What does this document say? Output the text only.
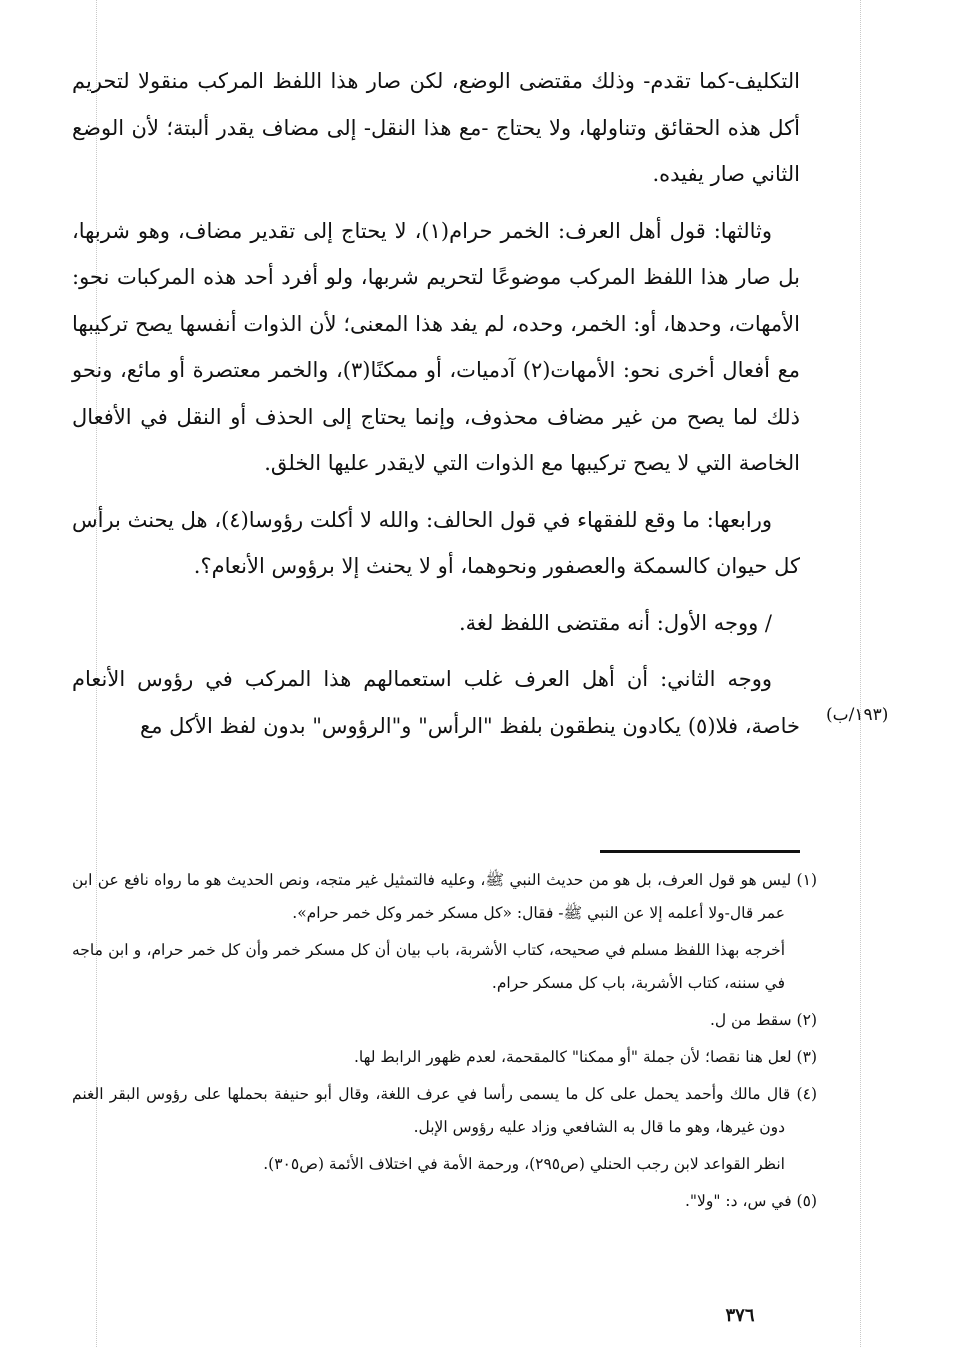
التكليف-كما تقدم- وذلك مقتضى الوضع، لكن صار هذا اللفظ المركب منقولا لتحريم أكل هذه الحقائق وتناولها، ولا يحتاج -مع هذا النقل- إلى مضاف يقدر ألبتة؛ لأن الوضع الثاني صار يفيده.

وثالثها: قول أهل العرف: الخمر حرام(١)، لا يحتاج إلى تقدير مضاف، وهو شربها، بل صار هذا اللفظ المركب موضوعًا لتحريم شربها، ولو أفرد أحد هذه المركبات نحو: الأمهات، وحدها، أو: الخمر، وحده، لم يفد هذا المعنى؛ لأن الذوات أنفسها يصح تركيبها مع أفعال أخرى نحو: الأمهات(٢) آدميات، أو ممكنًا(٣)، والخمر معتصرة أو مائع، ونحو ذلك لما يصح من غير مضاف محذوف، وإنما يحتاج إلى الحذف أو النقل في الأفعال الخاصة التي لا يصح تركيبها مع الذوات التي لايقدر عليها الخلق.

ورابعها: ما وقع للفقهاء في قول الحالف: والله لا أكلت رؤوسا(٤)، هل يحنث برأس كل حيوان كالسمكة والعصفور ونحوهما، أو لا يحنث إلا برؤوس الأنعام؟.

/ ووجه الأول: أنه مقتضى اللفظ لغة.

ووجه الثاني: أن أهل العرف غلب استعمالهم هذا المركب في رؤوس الأنعام خاصة، فلا(٥) يكادون ينطقون بلفظ "الرأس" و"الرؤوس" بدون لفظ الأكل مع (١٩٣/ب)

(١) ليس هو قول العرف، بل هو من حديث النبي ﷺ، وعليه فالتمثيل غير متجه، ونص الحديث هو ما رواه نافع عن ابن عمر قال-ولا أعلمه إلا عن النبي ﷺ- فقال: «كل مسكر خمر وكل خمر حرام».

أخرجه بهذا اللفظ مسلم في صحيحه، كتاب الأشربة، باب بيان أن كل مسكر خمر وأن كل خمر حرام، و ابن ماجه في سننه، كتاب الأشربة، باب كل مسكر حرام.

(٢) سقط من ل.

(٣) لعل هنا نقصا؛ لأن جملة "أو ممكنا" كالمقحمة، لعدم ظهور الرابط لها.

(٤) قال مالك وأحمد يحمل على كل ما يسمى رأسا في عرف اللغة، وقال أبو حنيفة بحملها على رؤوس البقر الغنم دون غيرها، وهو ما قال به الشافعي وزاد عليه رؤوس الإبل.

انظر القواعد لابن رجب الحنلي (ص٢٩٥)، ورحمة الأمة في اختلاف الأئمة (ص٣٠٥).

(٥) في س، د: "ولا".

٣٧٦
